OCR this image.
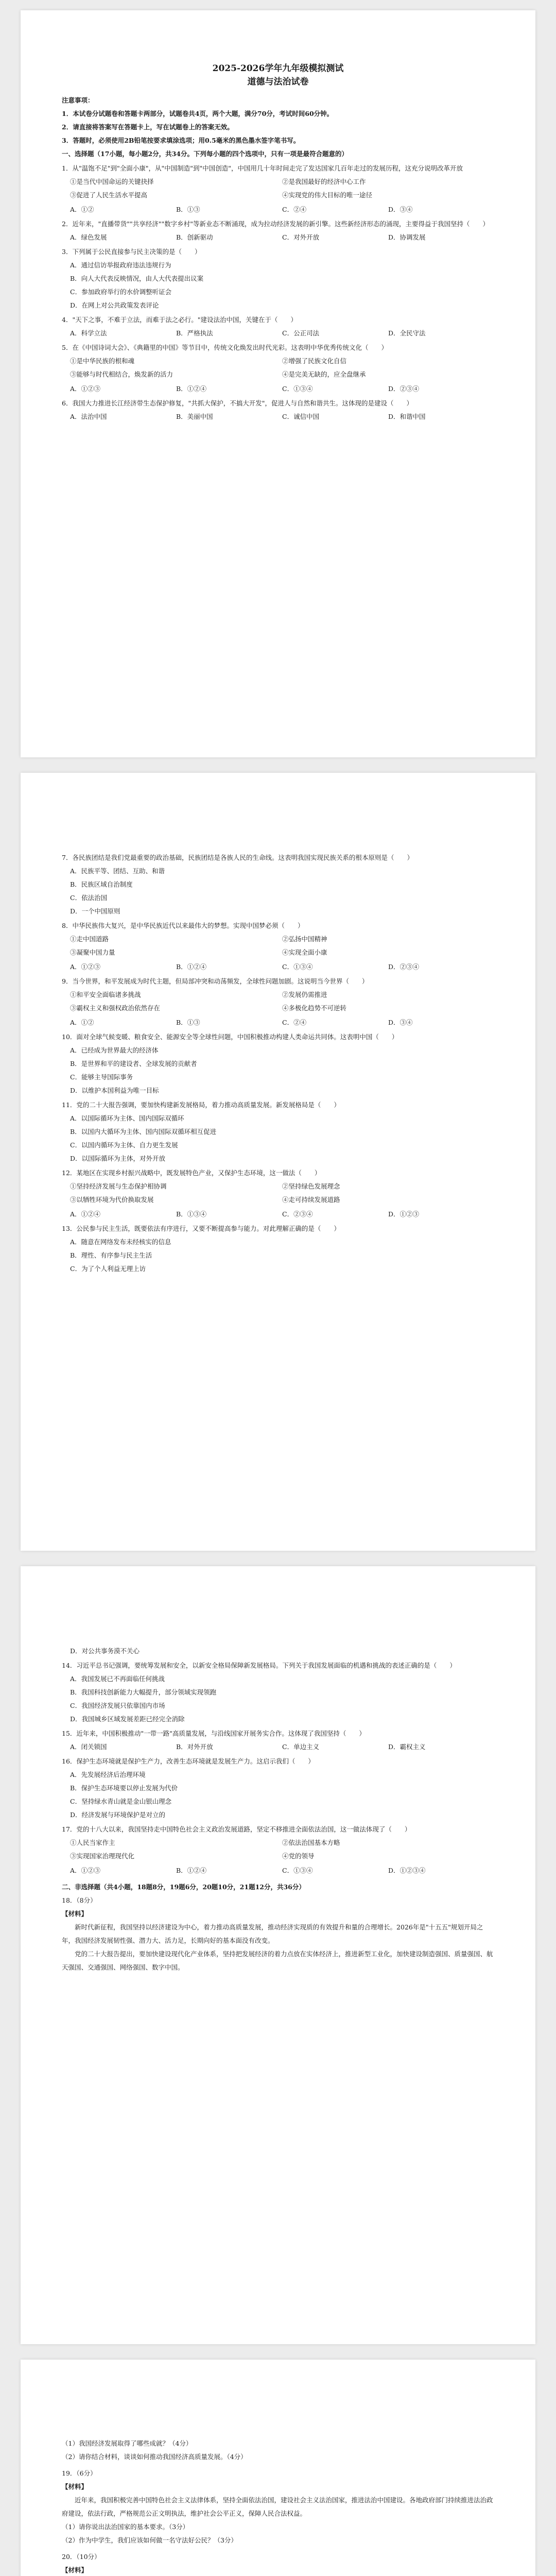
2025-2026学年九年级模拟测试

道德与法治试卷

注意事项：

1．本试卷分试题卷和答题卡两部分，试题卷共4页，两个大题，满分70分，考试时间60分钟。

2．请直接将答案写在答题卡上，写在试题卷上的答案无效。

3．答题时，必须使用2B铅笔按要求填涂选项；用0.5毫米的黑色墨水签字笔书写。

一、选择题（17小题，每小题2分，共34分。下列每小题的四个选项中，只有一项是最符合题意的）

1．从"温饱不足"到"全面小康"，从"中国制造"到"中国创造"，中国用几十年时间走完了发达国家几百年走过的发展历程，这充分说明改革开放

①是当代中国命运的关键抉择	②是我国最好的经济中心工作
③促进了人民生活水平提高	④实现党的伟大目标的唯一途径
A．①②	B．①③	C．②④	D．③④

2．近年来，"直播带货""共享经济""数字乡村"等新业态不断涌现，成为拉动经济发展的新引擎。这些新经济形态的涌现，主要得益于我国坚持（　　）

A．绿色发展	B．创新驱动	C．对外开放	D．协调发展

3．下列属于公民直接参与民主决策的是（　　）

A．通过信访举报政府违法违规行为
B．向人大代表反映情况，由人大代表提出议案
C．参加政府举行的水价调整听证会
D．在网上对公共政策发表评论

4．"天下之事，不难于立法，而难于法之必行。"建设法治中国，关键在于（　　）

A．科学立法	B．严格执法	C．公正司法	D．全民守法

5．在《中国诗词大会》、《典籍里的中国》等节目中，传统文化焕发出时代光彩。这表明中华优秀传统文化（　　）

①是中华民族的根和魂	②增强了民族文化自信
③能够与时代相结合，焕发新的活力	④是完美无缺的，应全盘继承
A．①②③	B．①②④	C．①③④	D．②③④

6．我国大力推进长江经济带生态保护修复，"共抓大保护，不搞大开发"，促进人与自然和谐共生。这体现的是建设（　　）

A．法治中国	B．美丽中国	C．诚信中国	D．和谐中国

7．各民族团结是我们党最重要的政治基础，民族团结是各族人民的生命线。这表明我国实现民族关系的根本原则是（　　）

A．民族平等、团结、互助、和谐
B．民族区域自治制度
C．依法治国
D．一个中国原则

8．中华民族伟大复兴，是中华民族近代以来最伟大的梦想。实现中国梦必须（　　）

①走中国道路	②弘扬中国精神
③凝聚中国力量	④实现全面小康
A．①②③	B．①②④	C．①③④	D．②③④

9．当今世界，和平发展成为时代主题，但局部冲突和动荡频发，全球性问题加剧。这说明当今世界（　　）

①和平安全面临诸多挑战	②发展仍需推进
③霸权主义和强权政治依然存在	④多极化趋势不可逆转
A．①②	B．①③	C．②④	D．③④

10．面对全球气候变暖、粮食安全、能源安全等全球性问题，中国积极推动构建人类命运共同体。这表明中国（　　）

A．已经成为世界最大的经济体
B．是世界和平的建设者、全球发展的贡献者
C．能够主导国际事务
D．以维护本国利益为唯一目标

11．党的二十大报告强调，要加快构建新发展格局，着力推动高质量发展。新发展格局是（　　）

A．以国际循环为主体、国内国际双循环
B．以国内大循环为主体、国内国际双循环相互促进
C．以国内循环为主体、自力更生发展
D．以国际循环为主体，对外开放

12．某地区在实现乡村振兴战略中，既发展特色产业，又保护生态环境，这一做法（　　）

①坚持经济发展与生态保护相协调	②坚持绿色发展理念
③以牺牲环境为代价换取发展	④走可持续发展道路
A．①②④	B．①③④	C．②③④	D．①②③

13．公民参与民主生活，既要依法有序进行，又要不断提高参与能力。对此理解正确的是（　　）

A．随意在网络发布未经核实的信息
B．理性、有序参与民主生活
C．为了个人利益无理上访
D．对公共事务漠不关心

14．习近平总书记强调，要统筹发展和安全，以新安全格局保障新发展格局。下列关于我国发展面临的机遇和挑战的表述正确的是（　　）

A．我国发展已不再面临任何挑战
B．我国科技创新能力大幅提升，部分领域实现领跑
C．我国经济发展只依靠国内市场
D．我国城乡区域发展差距已经完全消除

15．近年来，中国积极推动"一带一路"高质量发展，与沿线国家开展务实合作。这体现了我国坚持（　　）

A．闭关锁国	B．对外开放	C．单边主义	D．霸权主义

16．保护生态环境就是保护生产力，改善生态环境就是发展生产力。这启示我们（　　）

A．先发展经济后治理环境
B．保护生态环境要以停止发展为代价
C．坚持绿水青山就是金山银山理念
D．经济发展与环境保护是对立的

17．党的十八大以来，我国坚持走中国特色社会主义政治发展道路，坚定不移推进全面依法治国，这一做法体现了（　　）

①人民当家作主	②依法治国基本方略
③实现国家治理现代化	④党的领导
A．①②③	B．①②④	C．①③④	D．①②③④

二、非选择题（共4小题，18题8分，19题6分，20题10分，21题12分，共36分）

18．（8分）

【材料】

新时代新征程，我国坚持以经济建设为中心，着力推动高质量发展，推动经济实现质的有效提升和量的合理增长。2026年是"十五五"规划开局之年，我国经济发展韧性强、潜力大、活力足，长期向好的基本面没有改变。

党的二十大报告提出，要加快建设现代化产业体系，坚持把发展经济的着力点放在实体经济上，推进新型工业化，加快建设制造强国、质量强国、航天强国、交通强国、网络强国、数字中国。

（1）我国经济发展取得了哪些成就？（4分）

（2）请你结合材料，谈谈如何推动我国经济高质量发展。（4分）

19．（6分）

【材料】

近年来，我国积极完善中国特色社会主义法律体系，坚持全面依法治国，建设社会主义法治国家，推进法治中国建设。各地政府部门持续推进法治政府建设，依法行政，严格规范公正文明执法，维护社会公平正义，保障人民合法权益。

（1）请你说出法治国家的基本要求。（3分）

（2）作为中学生，我们应该如何做一名守法好公民？（3分）

20．（10分）

【材料】
